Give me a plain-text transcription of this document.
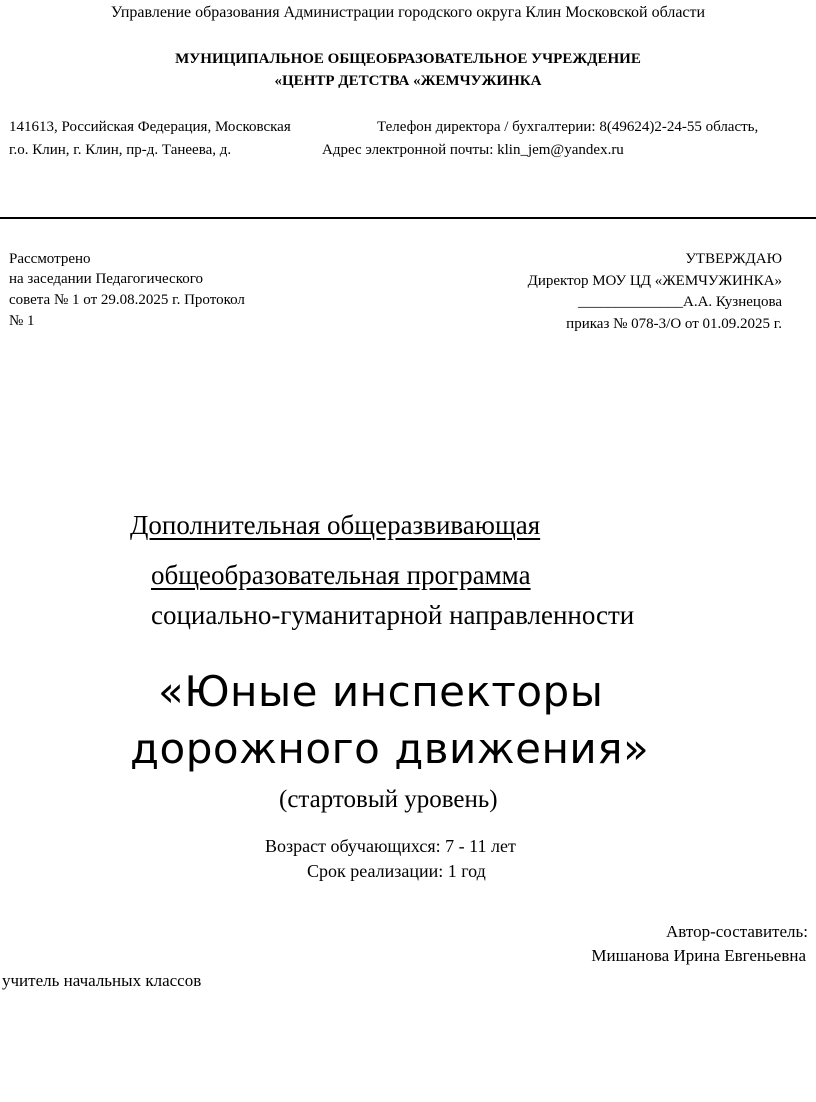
Управление образования Администрации городского округа Клин Московской области
МУНИЦИПАЛЬНОЕ ОБЩЕОБРАЗОВАТЕЛЬНОЕ УЧРЕЖДЕНИЕ
«ЦЕНТР ДЕТСТВА «ЖЕМЧУЖИНКА
141613, Российская Федерация, Московская
г.о. Клин, г. Клин, пр-д. Танеева, д.
Телефон директора / бухгалтерии: 8(49624)2-24-55 область,
Адрес электронной почты: klin_jem@yandex.ru
Рассмотрено
на заседании Педагогического
совета № 1 от 29.08.2025 г. Протокол
№ 1
УТВЕРЖДАЮ
Директор МОУ ЦД «ЖЕМЧУЖИНКА»
______________А.А. Кузнецова
приказ № 078-3/О от 01.09.2025 г.
Дополнительная общеразвивающая
общеобразовательная программа
социально-гуманитарной направленности
«Юные инспекторы
дорожного движения»
(стартовый уровень)
Возраст обучающихся: 7 - 11 лет
Срок реализации: 1 год
Автор-составитель:
Мишанова Ирина Евгеньевна
учитель начальных классов
